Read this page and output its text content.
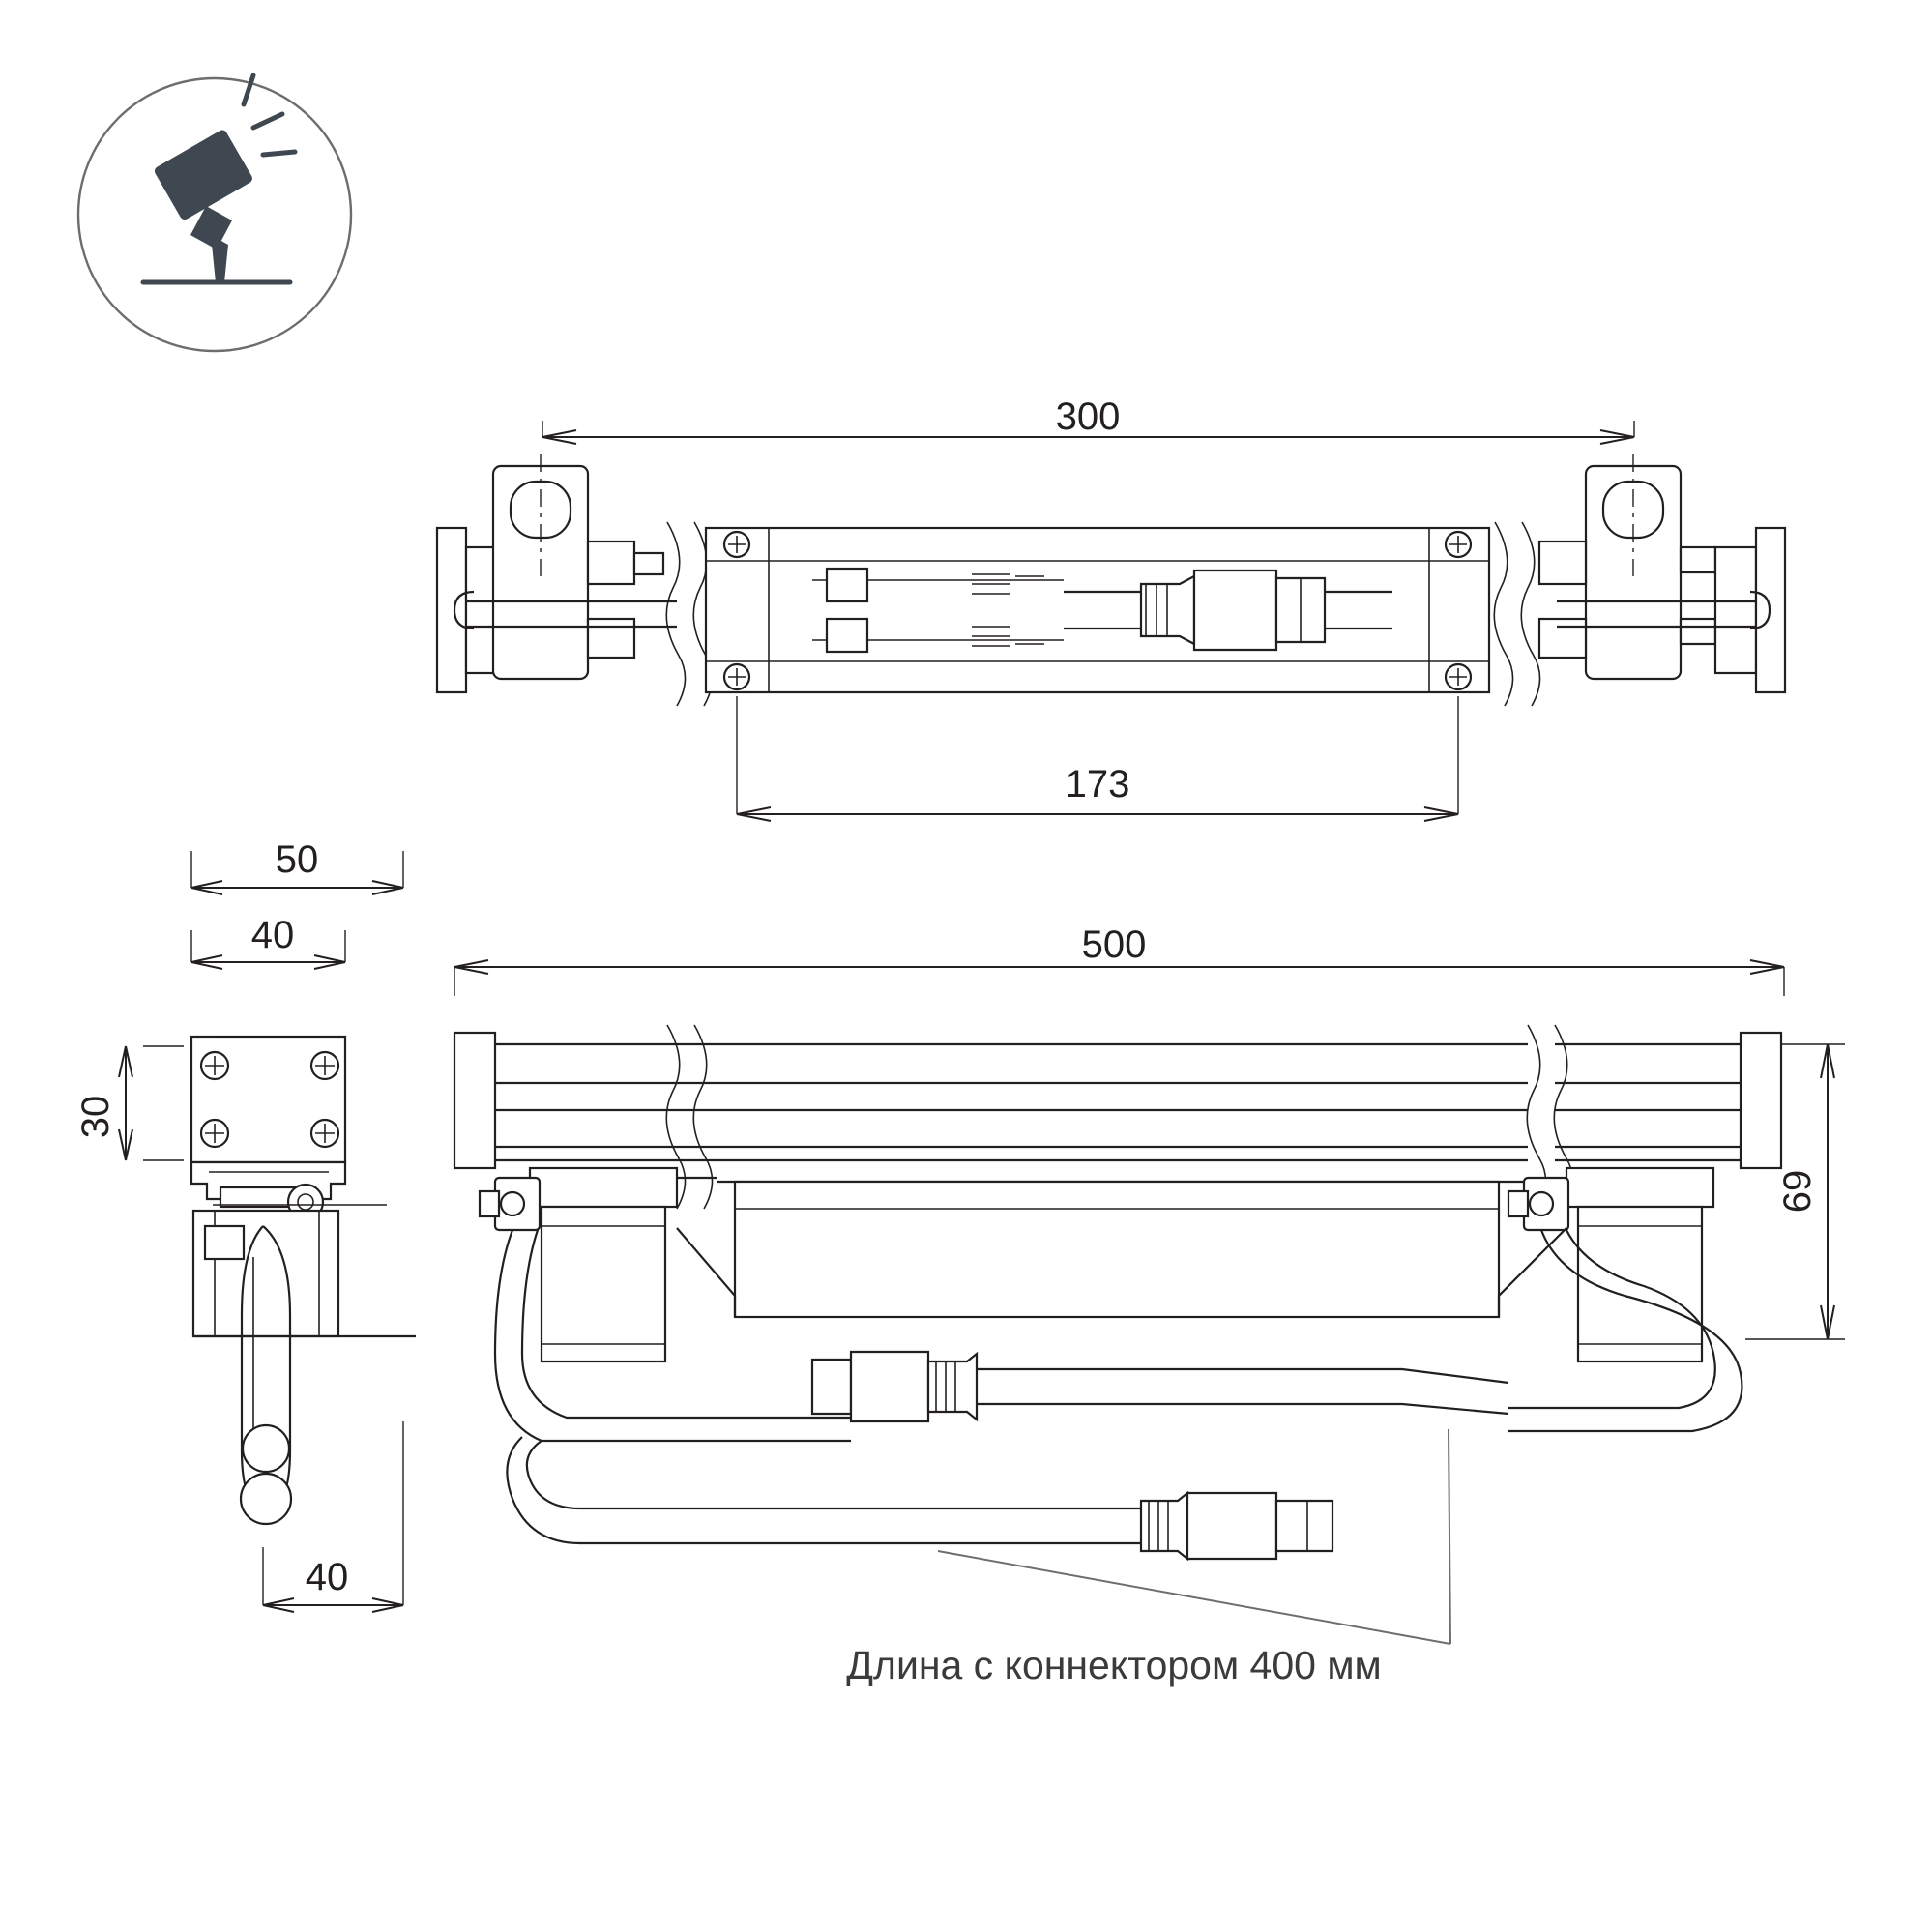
300
173
50
40
30
40
500
69
Длина с коннектором 400 мм
